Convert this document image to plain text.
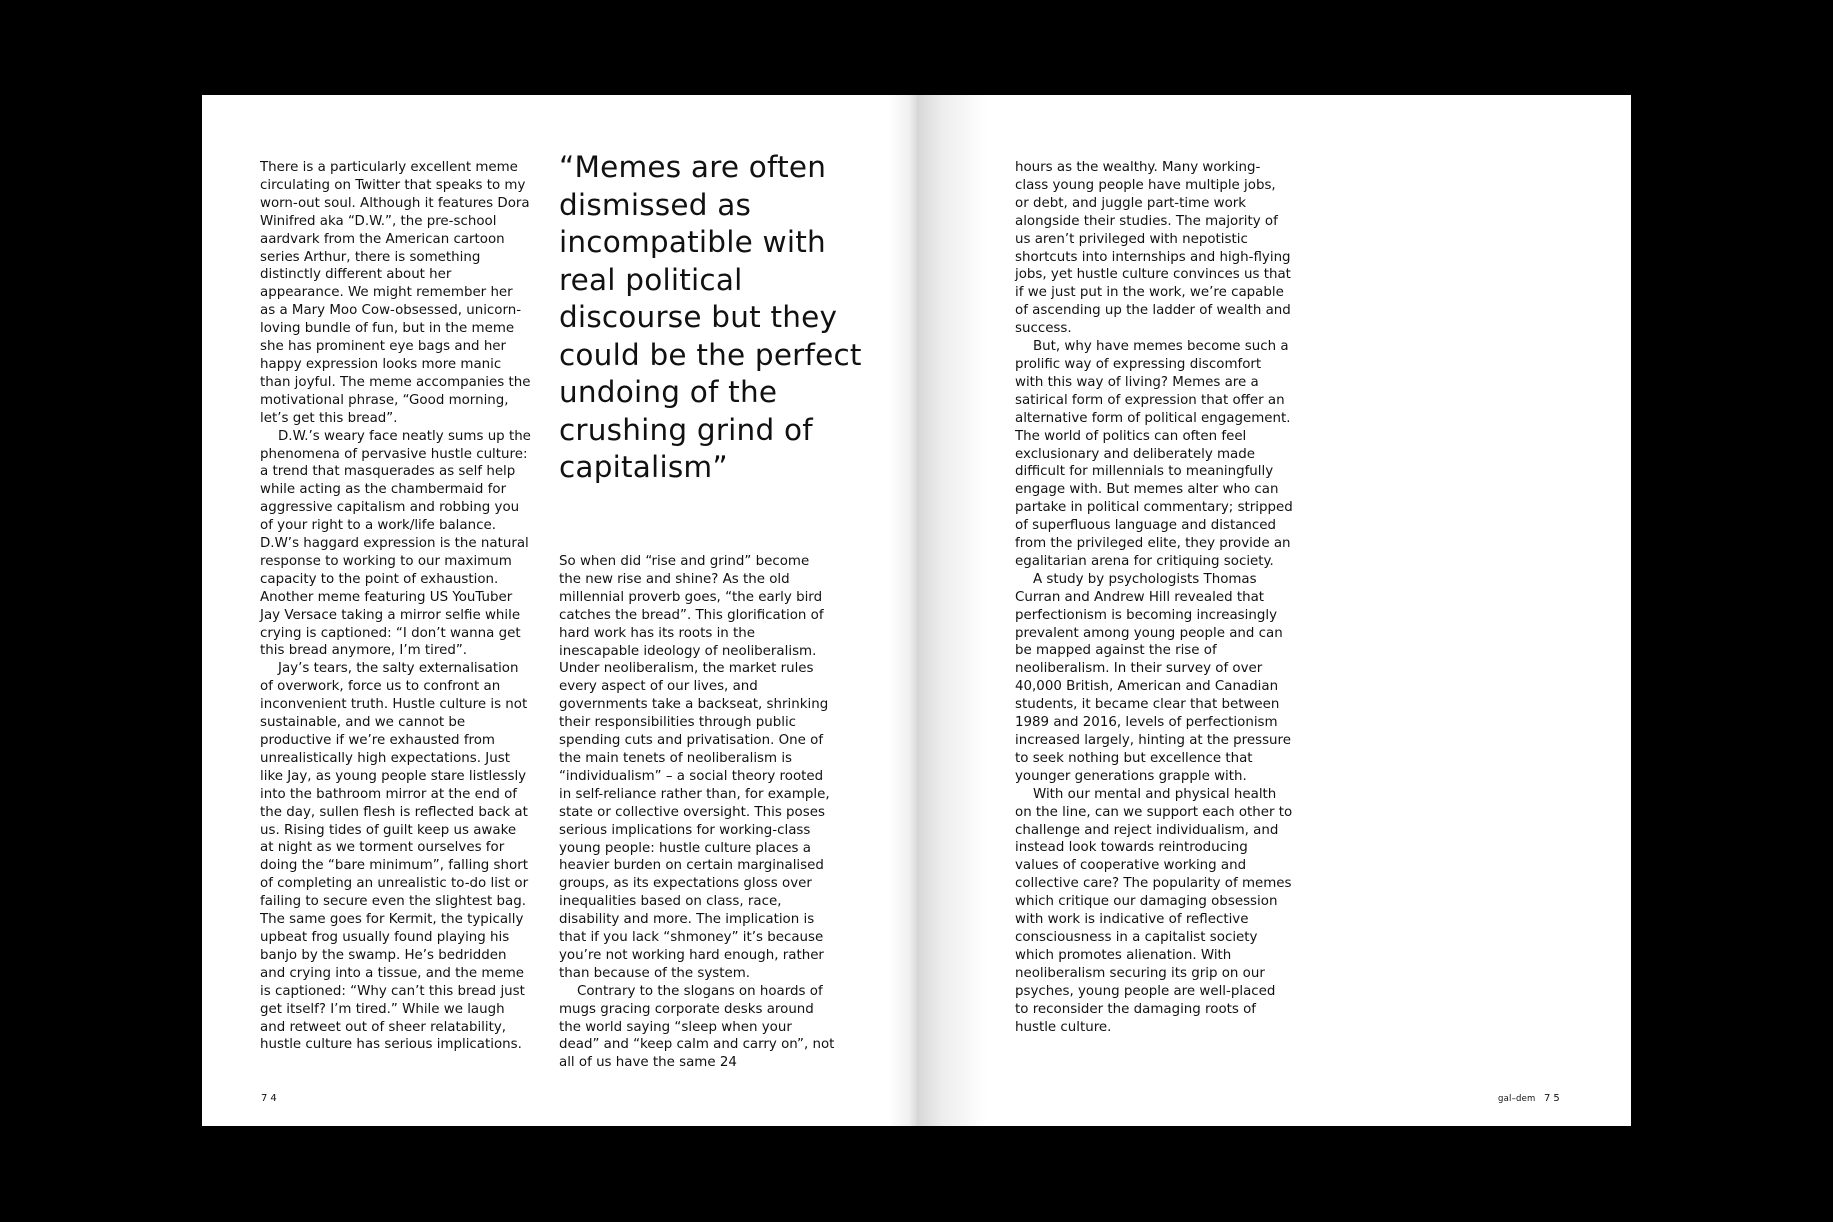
There is a particularly excellent meme circulating on Twitter that speaks to my worn-out soul. Although it features Dora Winifred aka “D.W.”, the pre-school aardvark from the American cartoon series Arthur, there is something distinctly different about her appearance. We might remember her as a Mary Moo Cow-obsessed, unicorn-loving bundle of fun, but in the meme she has prominent eye bags and her happy expression looks more manic than joyful. The meme accompanies the motivational phrase, “Good morning, let’s get this bread”.

D.W.’s weary face neatly sums up the phenomena of pervasive hustle culture: a trend that masquerades as self help while acting as the chambermaid for aggressive capitalism and robbing you of your right to a work/life balance. D.W’s haggard expression is the natural response to working to our maximum capacity to the point of exhaustion. Another meme featuring US YouTuber Jay Versace taking a mirror selfie while crying is captioned: “I don’t wanna get this bread anymore, I’m tired”.

Jay’s tears, the salty externalisation of overwork, force us to confront an inconvenient truth. Hustle culture is not sustainable, and we cannot be productive if we’re exhausted from unrealistically high expectations. Just like Jay, as young people stare listlessly into the bathroom mirror at the end of the day, sullen flesh is reflected back at us. Rising tides of guilt keep us awake at night as we torment ourselves for doing the “bare minimum”, falling short of completing an unrealistic to-do list or failing to secure even the slightest bag. The same goes for Kermit, the typically upbeat frog usually found playing his banjo by the swamp. He’s bedridden and crying into a tissue, and the meme is captioned: “Why can’t this bread just get itself? I’m tired.” While we laugh and retweet out of sheer relatability, hustle culture has serious implications.

“Memes are often dismissed as incompatible with real political discourse but they could be the perfect undoing of the crushing grind of capitalism”

So when did “rise and grind” become the new rise and shine? As the old millennial proverb goes, “the early bird catches the bread”. This glorification of hard work has its roots in the inescapable ideology of neoliberalism. Under neoliberalism, the market rules every aspect of our lives, and governments take a backseat, shrinking their responsibilities through public spending cuts and privatisation. One of the main tenets of neoliberalism is “individualism” – a social theory rooted in self-reliance rather than, for example, state or collective oversight. This poses serious implications for working-class young people: hustle culture places a heavier burden on certain marginalised groups, as its expectations gloss over inequalities based on class, race, disability and more. The implication is that if you lack “shmoney” it’s because you’re not working hard enough, rather than because of the system.

Contrary to the slogans on hoards of mugs gracing corporate desks around the world saying “sleep when your dead” and “keep calm and carry on”, not all of us have the same 24

74

hours as the wealthy. Many working-class young people have multiple jobs, or debt, and juggle part-time work alongside their studies. The majority of us aren’t privileged with nepotistic shortcuts into internships and high-flying jobs, yet hustle culture convinces us that if we just put in the work, we’re capable of ascending up the ladder of wealth and success.

But, why have memes become such a prolific way of expressing discomfort with this way of living? Memes are a satirical form of expression that offer an alternative form of political engagement. The world of politics can often feel exclusionary and deliberately made difficult for millennials to meaningfully engage with. But memes alter who can partake in political commentary; stripped of superfluous language and distanced from the privileged elite, they provide an egalitarian arena for critiquing society.

A study by psychologists Thomas Curran and Andrew Hill revealed that perfectionism is becoming increasingly prevalent among young people and can be mapped against the rise of neoliberalism. In their survey of over 40,000 British, American and Canadian students, it became clear that between 1989 and 2016, levels of perfectionism increased largely, hinting at the pressure to seek nothing but excellence that younger generations grapple with.

With our mental and physical health on the line, can we support each other to challenge and reject individualism, and instead look towards reintroducing values of cooperative working and collective care? The popularity of memes which critique our damaging obsession with work is indicative of reflective consciousness in a capitalist society which promotes alienation. With neoliberalism securing its grip on our psyches, young people are well-placed to reconsider the damaging roots of hustle culture.

gal–dem 75
